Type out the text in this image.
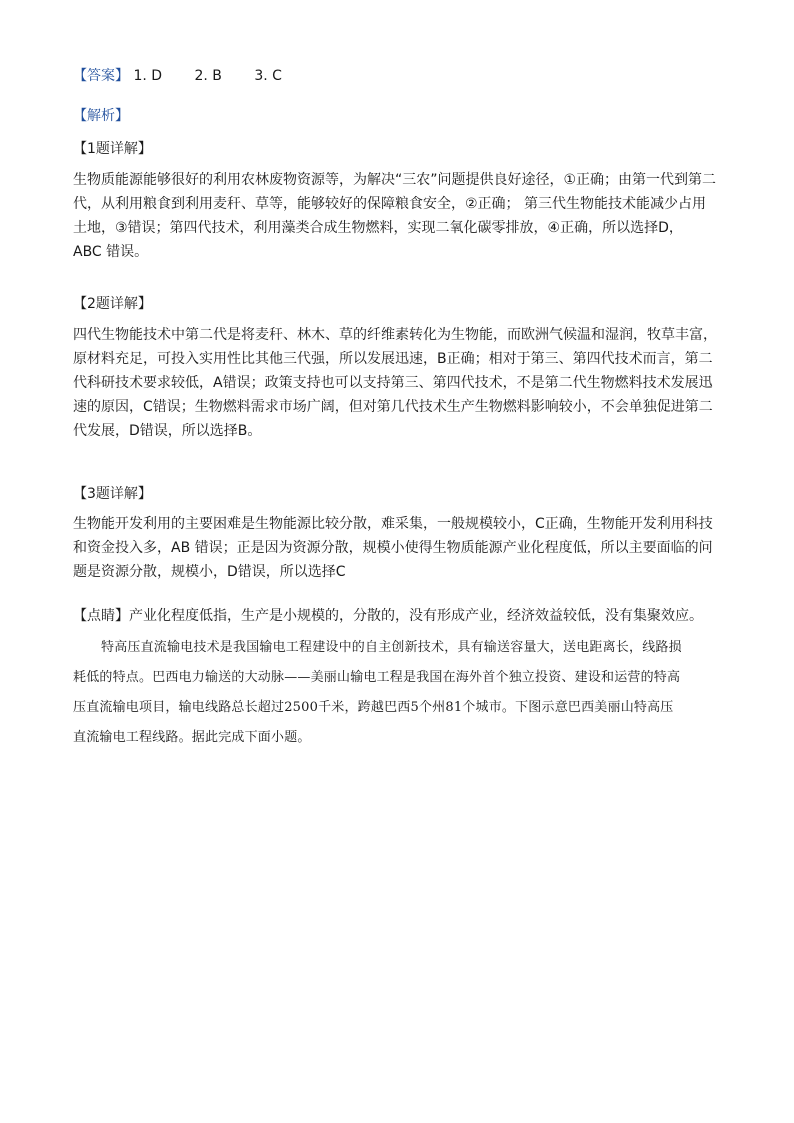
【答案】 1. D 2. B 3. C
【解析】
【1题详解】
生物质能源能够很好的利用农林废物资源等，为解决“三农”问题提供良好途径，①正确；由第一代到第二
代，从利用粮食到利用麦秆、草等，能够较好的保障粮食安全，②正确； 第三代生物能技术能减少占用
土地，③错误；第四代技术，利用藻类合成生物燃料，实现二氧化碳零排放，④正确，所以选择D，
ABC 错误。
【2题详解】
四代生物能技术中第二代是将麦秆、林木、草的纤维素转化为生物能，而欧洲气候温和湿润，牧草丰富，
原材料充足，可投入实用性比其他三代强，所以发展迅速，B正确；相对于第三、第四代技术而言，第二
代科研技术要求较低，A错误；政策支持也可以支持第三、第四代技术，不是第二代生物燃料技术发展迅
速的原因，C错误；生物燃料需求市场广阔，但对第几代技术生产生物燃料影响较小，不会单独促进第二
代发展，D错误，所以选择B。
【3题详解】
生物能开发利用的主要困难是生物能源比较分散，难采集，一般规模较小，C正确，生物能开发利用科技
和资金投入多，AB 错误；正是因为资源分散，规模小使得生物质能源产业化程度低，所以主要面临的问
题是资源分散，规模小，D错误，所以选择C
【点睛】产业化程度低指，生产是小规模的，分散的，没有形成产业，经济效益较低，没有集聚效应。
特高压直流输电技术是我国输电工程建设中的自主创新技术，具有输送容量大，送电距离长，线路损
耗低的特点。巴西电力输送的大动脉——美丽山输电工程是我国在海外首个独立投资、建设和运营的特高
压直流输电项目，输电线路总长超过2500千米，跨越巴西5个州81个城市。下图示意巴西美丽山特高压
直流输电工程线路。据此完成下面小题。
